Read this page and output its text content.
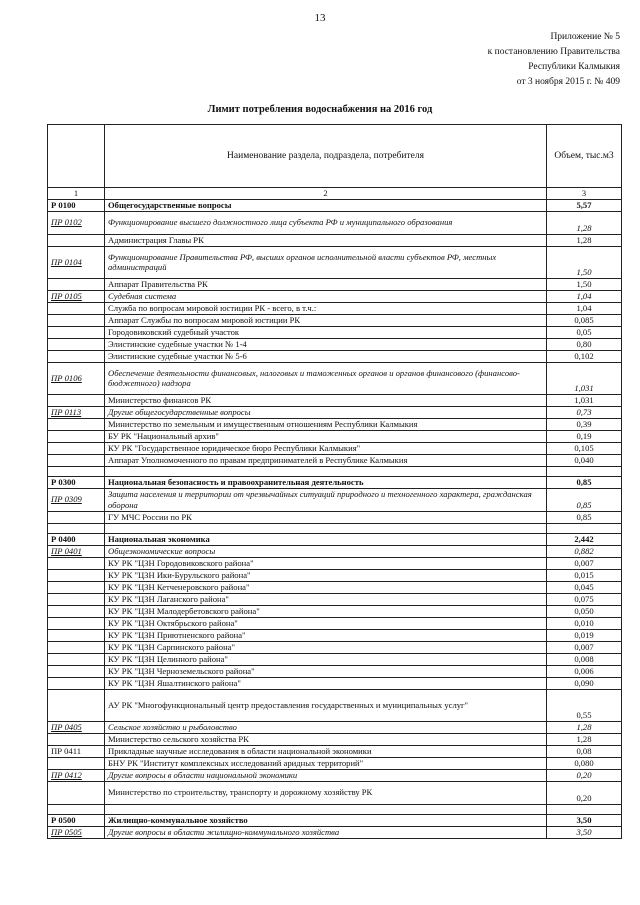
13
Приложение № 5
к постановлению Правительства
Республики Калмыкия
от 3 ноября 2015 г. № 409
Лимит потребления водоснабжения на 2016 год
	Наименование раздела, подраздела, потребителя	Объем, тыс.м3
1	2	3
Р 0100	Общегосударственные вопросы	5,57
ПР 0102	Функционирование высшего должностного лица субъекта РФ и муниципального образования	1,28
	Администрация Главы РК	1,28
ПР 0104	Функционирование Правительства РФ, высших органов исполнительной власти субъектов РФ, местных администраций	1,50
	Аппарат Правительства РК	1,50
ПР 0105	Судебная система	1,04
	Служба по вопросам мировой юстиции РК - всего, в т.ч.:	1,04
	Аппарат Службы по вопросам мировой юстиции РК	0,085
	Городовиковский судебный участок	0,05
	Элистинские судебные участки № 1-4	0,80
	Элистинские судебные участки № 5-6	0,102
ПР 0106	Обеспечение деятельности финансовых, налоговых и таможенных органов и органов финансового (финансово-бюджетного) надзора	1,031
	Министерство финансов РК	1,031
ПР 0113	Другие общегосударственные вопросы	0,73
	Министерство по земельным и имущественным отношениям Республики Калмыкия	0,39
	БУ РК "Национальный архив"	0,19
	КУ РК "Государственное юридическое бюро Республики Калмыкия"	0,105
	Аппарат Уполномоченного по правам предпринимателей в Республике Калмыкия	0,040

Р 0300	Национальная безопасность и правоохранительная деятельность	0,85
ПР 0309	Защита населения и территории от чрезвычайных ситуаций природного и техногенного характера, гражданская оборона	0,85
	ГУ МЧС России по РК	0,85

Р 0400	Национальная экономика	2,442
ПР 0401	Общеэкономические вопросы	0,882
	КУ РК "ЦЗН Городовиковского района"	0,007
	КУ РК "ЦЗН Ики-Бурульского района"	0,015
	КУ РК "ЦЗН Кетченеровского района"	0,045
	КУ РК "ЦЗН Лаганского района"	0,075
	КУ РК "ЦЗН Малодербетовского района"	0,050
	КУ РК "ЦЗН Октябрьского района"	0,010
	КУ РК "ЦЗН Приютненского района"	0,019
	КУ РК "ЦЗН Сарпинского района"	0,007
	КУ РК "ЦЗН Целинного района"	0,008
	КУ РК "ЦЗН Черноземельского района"	0,006
	КУ РК "ЦЗН Яшалтинского района"	0,090
	АУ РК "Многофункциональный центр предоставления государственных и муниципальных услуг"	0,55
ПР 0405	Сельское хозяйство и рыболовство	1,28
	Министерство сельского хозяйства РК	1,28
ПР 0411	Прикладные научные исследования в области национальной экономики	0,08
	БНУ РК "Институт комплексных исследований аридных территорий"	0,080
ПР 0412	Другие вопросы в области национальной экономики	0,20
	Министерство по строительству, транспорту и дорожному хозяйству РК	0,20

Р 0500	Жилищно-коммунальное хозяйство	3,50
ПР 0505	Другие вопросы в области жилищно-коммунального хозяйства	3,50
